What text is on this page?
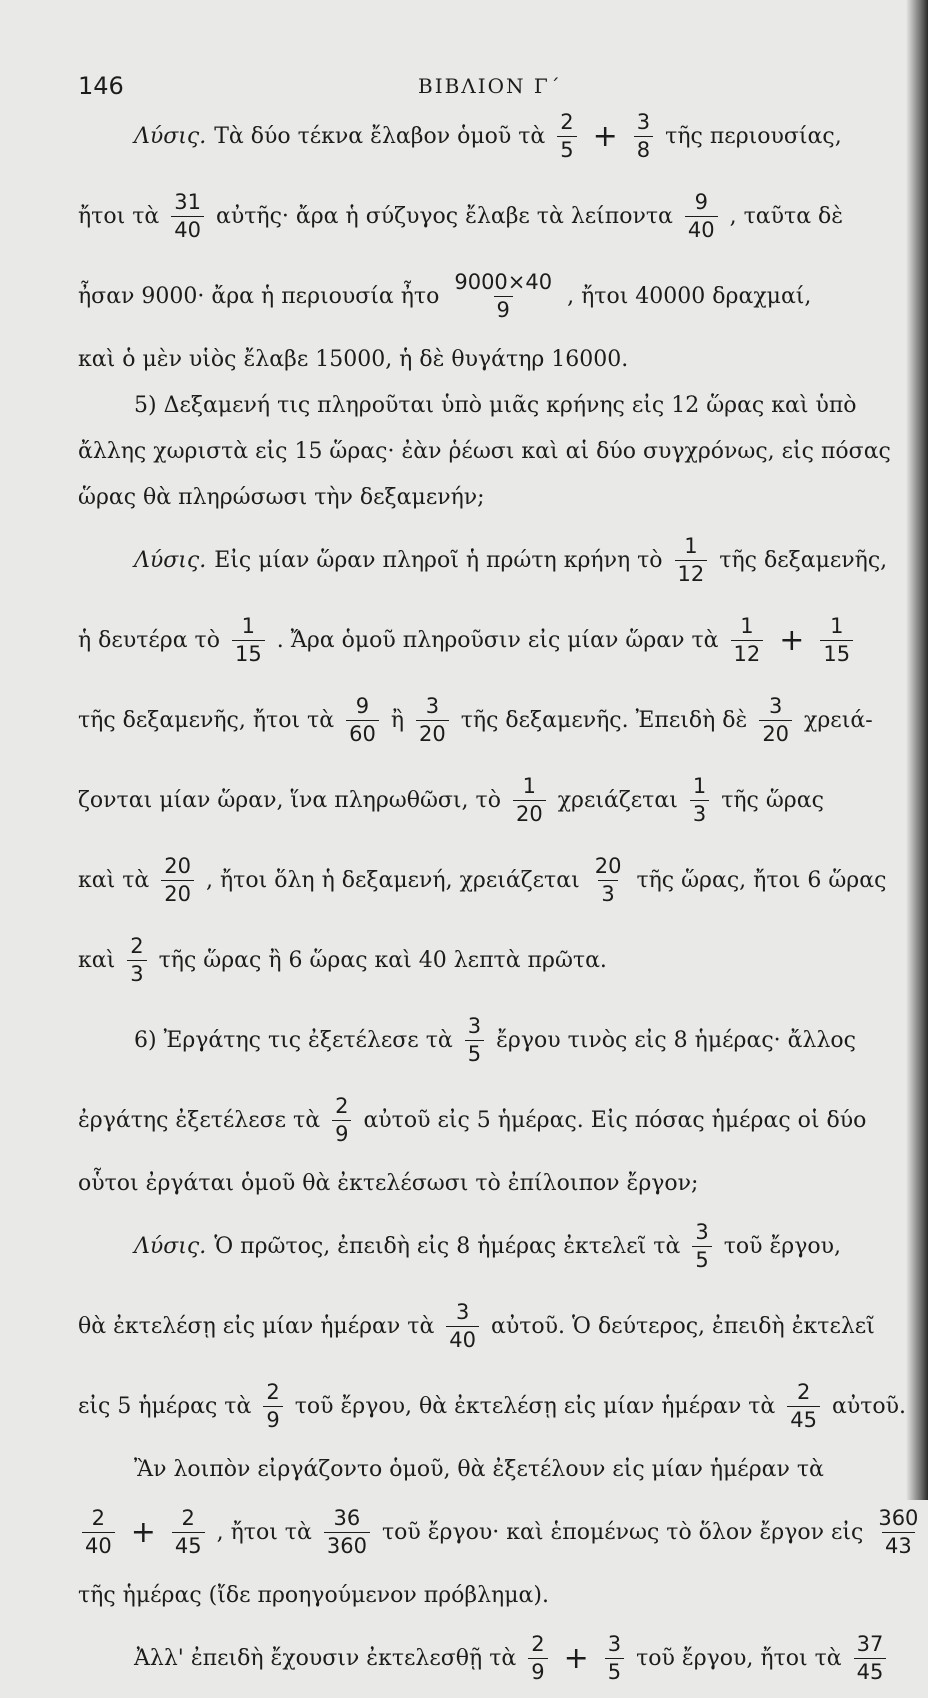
146	ΒΙΒΛΙΟΝ Γ΄
Λύσις. Τὰ δύο τέκνα ἔλαβον ὁμοῦ τὰ $\frac{2}{5} + \frac{3}{8}$ τῆς περιουσίας,
ἤτοι τὰ $\frac{31}{40}$ αὐτῆς· ἄρα ἡ σύζυγος ἔλαβε τὰ λείποντα $\frac{9}{40}$ , ταῦτα δὲ
ἦσαν 9000· ἄρα ἡ περιουσία ἦτο $\frac{9000\times 40}{9}$ , ἤτοι 40000 δραχμαί,
καὶ ὁ μὲν υἱὸς ἔλαβε 15000, ἡ δὲ θυγάτηρ 16000.
5) Δεξαμενή τις πληροῦται ὑπὸ μιᾶς κρήνης εἰς 12 ὥρας καὶ ὑπὸ
ἄλλης χωριστὰ εἰς 15 ὥρας· ἐὰν ῥέωσι καὶ αἱ δύο συγχρόνως, εἰς πόσας
ὥρας θὰ πληρώσωσι τὴν δεξαμενήν;
Λύσις. Εἰς μίαν ὥραν πληροῖ ἡ πρώτη κρήνη τὸ $\frac{1}{12}$ τῆς δεξαμενῆς,
ἡ δευτέρα τὸ $\frac{1}{15}$ . Ἄρα ὁμοῦ πληροῦσιν εἰς μίαν ὥραν τὰ $\frac{1}{12} + \frac{1}{15}$
τῆς δεξαμενῆς, ἤτοι τὰ $\frac{9}{60}$ ἢ $\frac{3}{20}$ τῆς δεξαμενῆς. Ἐπειδὴ δὲ $\frac{3}{20} \chi\rho\varepsilon\iota ά-$
ζονται μίαν ὥραν, ἵνα πληρωθῶσι, τὸ $\frac{1}{20}$ χρειάζεται $\frac{1}{3}$ τῆς ὥρας
καὶ τὰ $\frac{20}{20}$ , ἤτοι ὅλη ἡ δεξαμενή, χρειάζεται $\frac{20}{3}$ τῆς ὥρας, ἤτοι 6 ὥρας
καὶ $\frac{2}{3}$ τῆς ὥρας ἢ 6 ὥρας καὶ 40 λεπτὰ πρῶτα.
6) Ἐργάτης τις ἐξετέλεσε τὰ $\frac{3}{5}$ ἔργου τινὸς εἰς 8 ἡμέρας· ἄλλος
ἐργάτης ἐξετέλεσε τὰ $\frac{2}{9}$ αὐτοῦ εἰς 5 ἡμέρας. Εἰς πόσας ἡμέρας οἱ δύο
οὗτοι ἐργάται ὁμοῦ θὰ ἐκτελέσωσι τὸ ἐπίλοιπον ἔργον;
Λύσις. Ὁ πρῶτος, ἐπειδὴ εἰς 8 ἡμέρας ἐκτελεῖ τὰ $\frac{3}{5}$ τοῦ ἔργου,
θὰ ἐκτελέσῃ εἰς μίαν ἡμέραν τὰ $\frac{3}{40}$ αὐτοῦ. Ὁ δεύτερος, ἐπειδὴ ἐκτελεῖ
εἰς 5 ἡμέρας τὰ $\frac{2}{9}$ τοῦ ἔργου, θὰ ἐκτελέσῃ εἰς μίαν ἡμέραν τὰ $\frac{2}{45}$ αὐτοῦ.
Ἂν λοιπὸν εἰργάζοντο ὁμοῦ, θὰ ἐξετέλουν εἰς μίαν ἡμέραν τὰ
$\frac{2}{40} + \frac{2}{45}$ , ἤτοι τὰ $\frac{36}{360}$ τοῦ ἔργου· καὶ ἑπομένως τὸ ὅλον ἔργον εἰς $\frac{360}{43}$
τῆς ἡμέρας (ἴδε προηγούμενον πρόβλημα).
Ἀλλ' ἐπειδὴ ἔχουσιν ἐκτελεσθῇ τὰ $\frac{2}{9} + \frac{3}{5}$ τοῦ ἔργου, ἤτοι τὰ $\frac{37}{45}$
